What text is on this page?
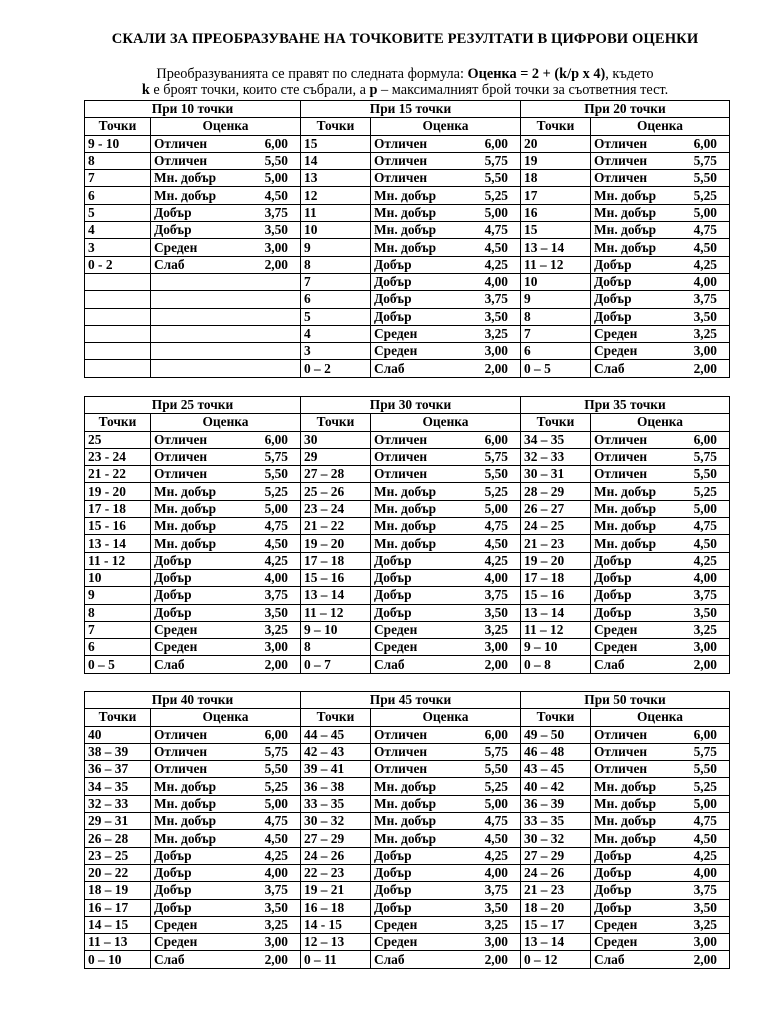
СКАЛИ ЗА ПРЕОБРАЗУВАНЕ НА ТОЧКОВИТЕ РЕЗУЛТАТИ В ЦИФРОВИ ОЦЕНКИ
Преобразуванията се правят по следната формула: Оценка = 2 + (k/p x 4), където
k е броят точки, които сте събрали, а p – максималният брой точки за съответния тест.
При 10 точки		При 15 точки		При 20 точки	
Точки	Оценка	Точки	Оценка	Точки	Оценка
9 - 10	Отличен 6,00	15	Отличен 6,00	20	Отличен 6,00

8	Отличен 5,50	14	Отличен 5,75	19	Отличен 5,75

7	Мн. добър 5,00	13	Отличен 5,50	18	Отличен 5,50

6	Мн. добър 4,50	12	Мн. добър 5,25	17	Мн. добър 5,25

5	Добър 3,75	11	Мн. добър 5,00	16	Мн. добър 5,00

4	Добър 3,50	10	Мн. добър 4,75	15	Мн. добър 4,75

3	Среден 3,00	9	Мн. добър 4,50	13 – 14	Мн. добър 4,50

0 - 2	Слаб 2,00	8	Добър 4,25	11 – 12	Добър 4,25

		7	Добър 4,00	10	Добър 4,00

		6	Добър 3,75	9	Добър 3,75

		5	Добър 3,50	8	Добър 3,50

		4	Среден 3,25	7	Среден 3,25

		3	Среден 3,00	6	Среден 3,00

		0 – 2	Слаб 2,00	0 – 5	Слаб 2,00
При 25 точки		При 30 точки		При 35 точки	
Точки	Оценка	Точки	Оценка	Точки	Оценка
25	Отличен 6,00	30	Отличен 6,00	34 – 35	Отличен 6,00

23 - 24	Отличен 5,75	29	Отличен 5,75	32 – 33	Отличен 5,75

21 - 22	Отличен 5,50	27 – 28	Отличен 5,50	30 – 31	Отличен 5,50

19 - 20	Мн. добър 5,25	25 – 26	Мн. добър 5,25	28 – 29	Мн. добър 5,25

17 - 18	Мн. добър 5,00	23 – 24	Мн. добър 5,00	26 – 27	Мн. добър 5,00

15 - 16	Мн. добър 4,75	21 – 22	Мн. добър 4,75	24 – 25	Мн. добър 4,75

13 - 14	Мн. добър 4,50	19 – 20	Мн. добър 4,50	21 – 23	Мн. добър 4,50

11 - 12	Добър 4,25	17 – 18	Добър 4,25	19 – 20	Добър 4,25

10	Добър 4,00	15 – 16	Добър 4,00	17 – 18	Добър 4,00

9	Добър 3,75	13 – 14	Добър 3,75	15 – 16	Добър 3,75

8	Добър 3,50	11 – 12	Добър 3,50	13 – 14	Добър 3,50

7	Среден 3,25	9 – 10	Среден 3,25	11 – 12	Среден 3,25

6	Среден 3,00	8	Среден 3,00	9 – 10	Среден 3,00

0 – 5	Слаб 2,00	0 – 7	Слаб 2,00	0 – 8	Слаб 2,00
При 40 точки		При 45 точки		При 50 точки	
Точки	Оценка	Точки	Оценка	Точки	Оценка
40	Отличен 6,00	44 – 45	Отличен 6,00	49 – 50	Отличен 6,00

38 – 39	Отличен 5,75	42 – 43	Отличен 5,75	46 – 48	Отличен 5,75

36 – 37	Отличен 5,50	39 – 41	Отличен 5,50	43 – 45	Отличен 5,50

34 – 35	Мн. добър 5,25	36 – 38	Мн. добър 5,25	40 – 42	Мн. добър 5,25

32 – 33	Мн. добър 5,00	33 – 35	Мн. добър 5,00	36 – 39	Мн. добър 5,00

29 – 31	Мн. добър 4,75	30 – 32	Мн. добър 4,75	33 – 35	Мн. добър 4,75

26 – 28	Мн. добър 4,50	27 – 29	Мн. добър 4,50	30 – 32	Мн. добър 4,50

23 – 25	Добър 4,25	24 – 26	Добър 4,25	27 – 29	Добър 4,25

20 – 22	Добър 4,00	22 – 23	Добър 4,00	24 – 26	Добър 4,00

18 – 19	Добър 3,75	19 – 21	Добър 3,75	21 – 23	Добър 3,75

16 – 17	Добър 3,50	16 – 18	Добър 3,50	18 – 20	Добър 3,50

14 – 15	Среден 3,25	14 - 15	Среден 3,25	15 – 17	Среден 3,25

11 – 13	Среден 3,00	12 – 13	Среден 3,00	13 – 14	Среден 3,00

0 – 10	Слаб 2,00	0 – 11	Слаб 2,00	0 – 12	Слаб 2,00
